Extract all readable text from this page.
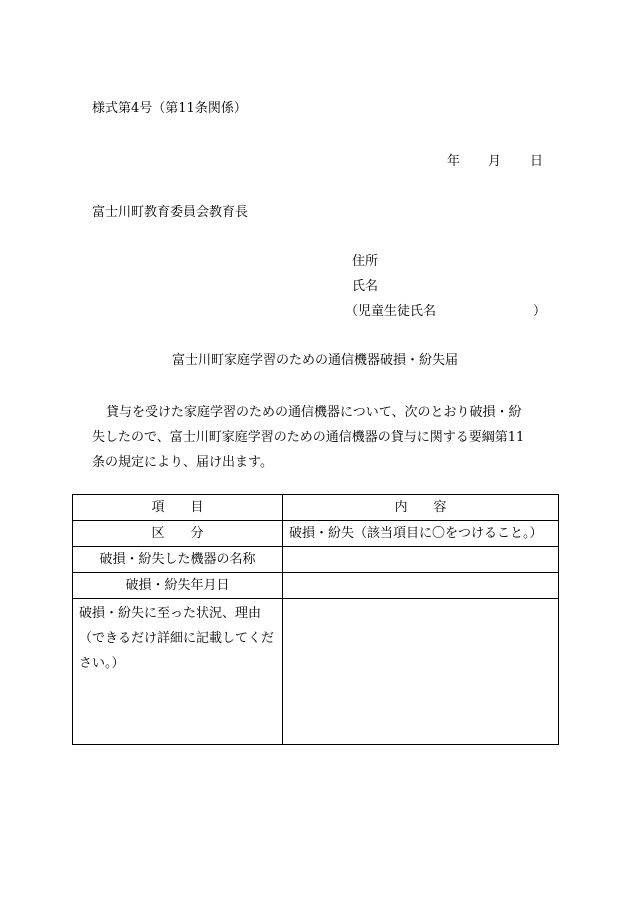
様式第4号（第11条関係）
年 月 日
富士川町教育委員会教育長
住所
氏名
（児童生徒氏名	）
富士川町家庭学習のための通信機器破損・紛失届
貸与を受けた家庭学習のための通信機器について、次のとおり破損・紛
失したので、富士川町家庭学習のための通信機器の貸与に関する要綱第11
条の規定により、届け出ます。
項　　目	内　　容
区　　分	破損・紛失（該当項目に〇をつけること。）
破損・紛失した機器の名称	
破損・紛失年月日	
破損・紛失に至った状況、理由（できるだけ詳細に記載してください。）	
